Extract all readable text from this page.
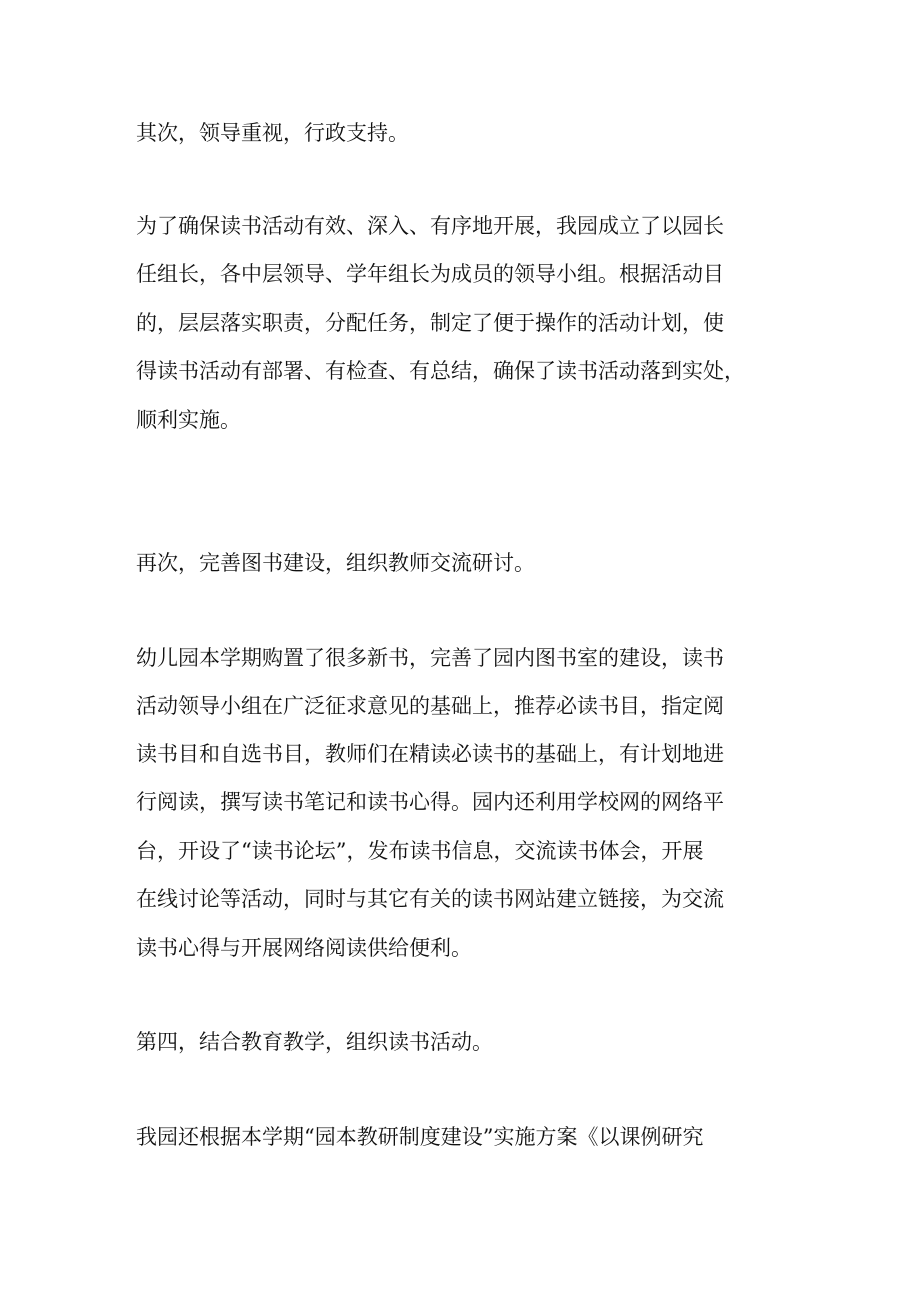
其次，领导重视，行政支持。
为了确保读书活动有效、深入、有序地开展，我园成立了以园长
任组长，各中层领导、学年组长为成员的领导小组。根据活动目
的，层层落实职责，分配任务，制定了便于操作的活动计划，使
得读书活动有部署、有检查、有总结，确保了读书活动落到实处，
顺利实施。
再次，完善图书建设，组织教师交流研讨。
幼儿园本学期购置了很多新书，完善了园内图书室的建设，读书
活动领导小组在广泛征求意见的基础上，推荐必读书目，指定阅
读书目和自选书目，教师们在精读必读书的基础上，有计划地进
行阅读，撰写读书笔记和读书心得。园内还利用学校网的网络平
台，开设了“读书论坛”，发布读书信息，交流读书体会，开展
在线讨论等活动，同时与其它有关的读书网站建立链接，为交流
读书心得与开展网络阅读供给便利。
第四，结合教育教学，组织读书活动。
我园还根据本学期“园本教研制度建设”实施方案《以课例研究
